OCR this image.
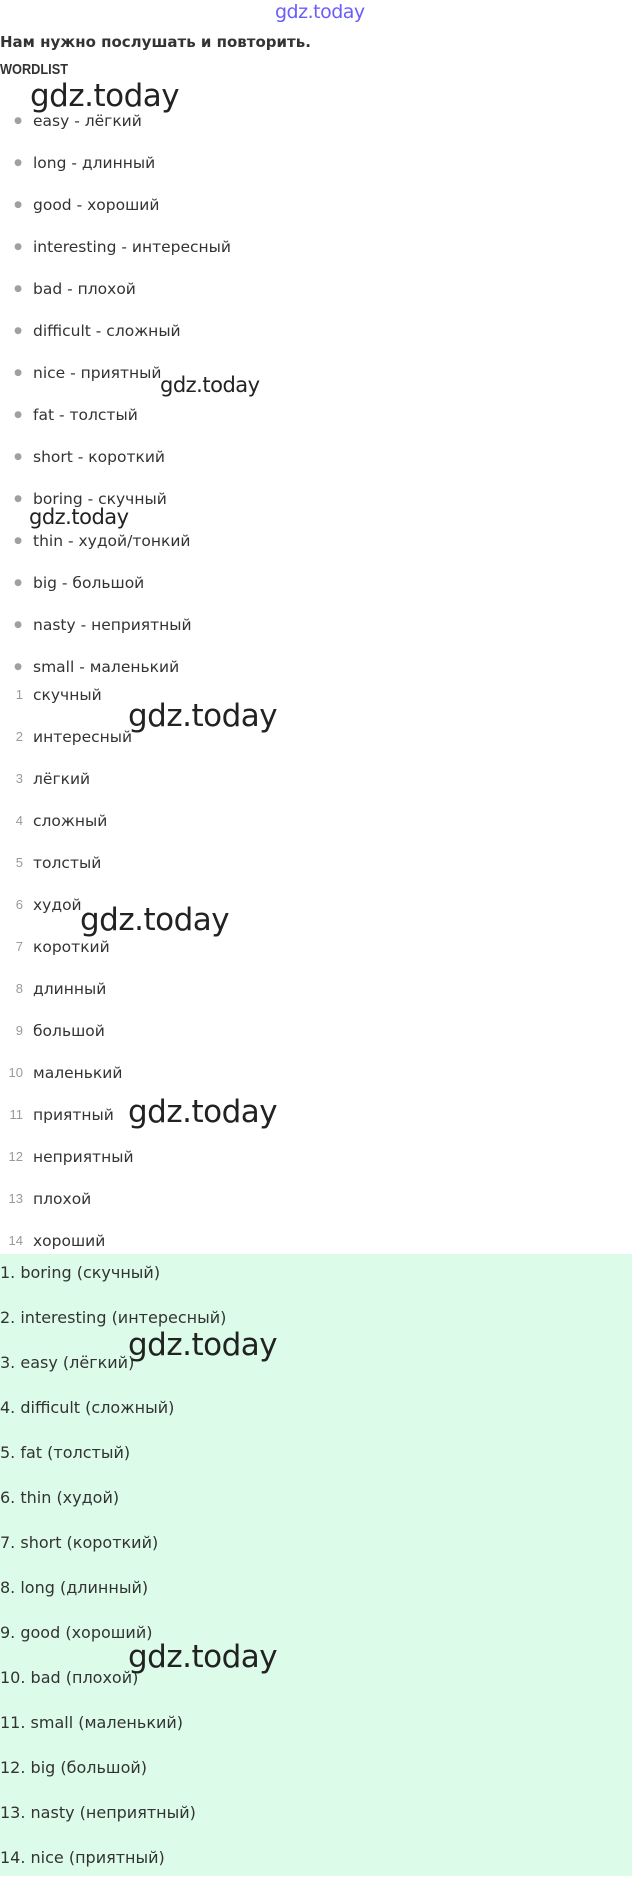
gdz.today
Нам нужно послушать и повторить.
WORDLIST
● easy - лёгкий
● long - длинный
● good - хороший
● interesting - интересный
● bad - плохой
● difficult - сложный
● nice - приятный
● fat - толстый
● short - короткий
● boring - скучный
● thin - худой/тонкий
● big - большой
● nasty - неприятный
● small - маленький
1 скучный
2 интересный
3 лёгкий
4 сложный
5 толстый
6 худой
7 короткий
8 длинный
9 большой
10 маленький
11 приятный
12 неприятный
13 плохой
14 хороший
1. boring (скучный)
2. interesting (интересный)
3. easy (лёгкий)
4. difficult (сложный)
5. fat (толстый)
6. thin (худой)
7. short (короткий)
8. long (длинный)
9. good (хороший)
10. bad (плохой)
11. small (маленький)
12. big (большой)
13. nasty (неприятный)
14. nice (приятный)
gdz.today
gdz.today
gdz.today
gdz.today
gdz.today
gdz.today
gdz.today
gdz.today
